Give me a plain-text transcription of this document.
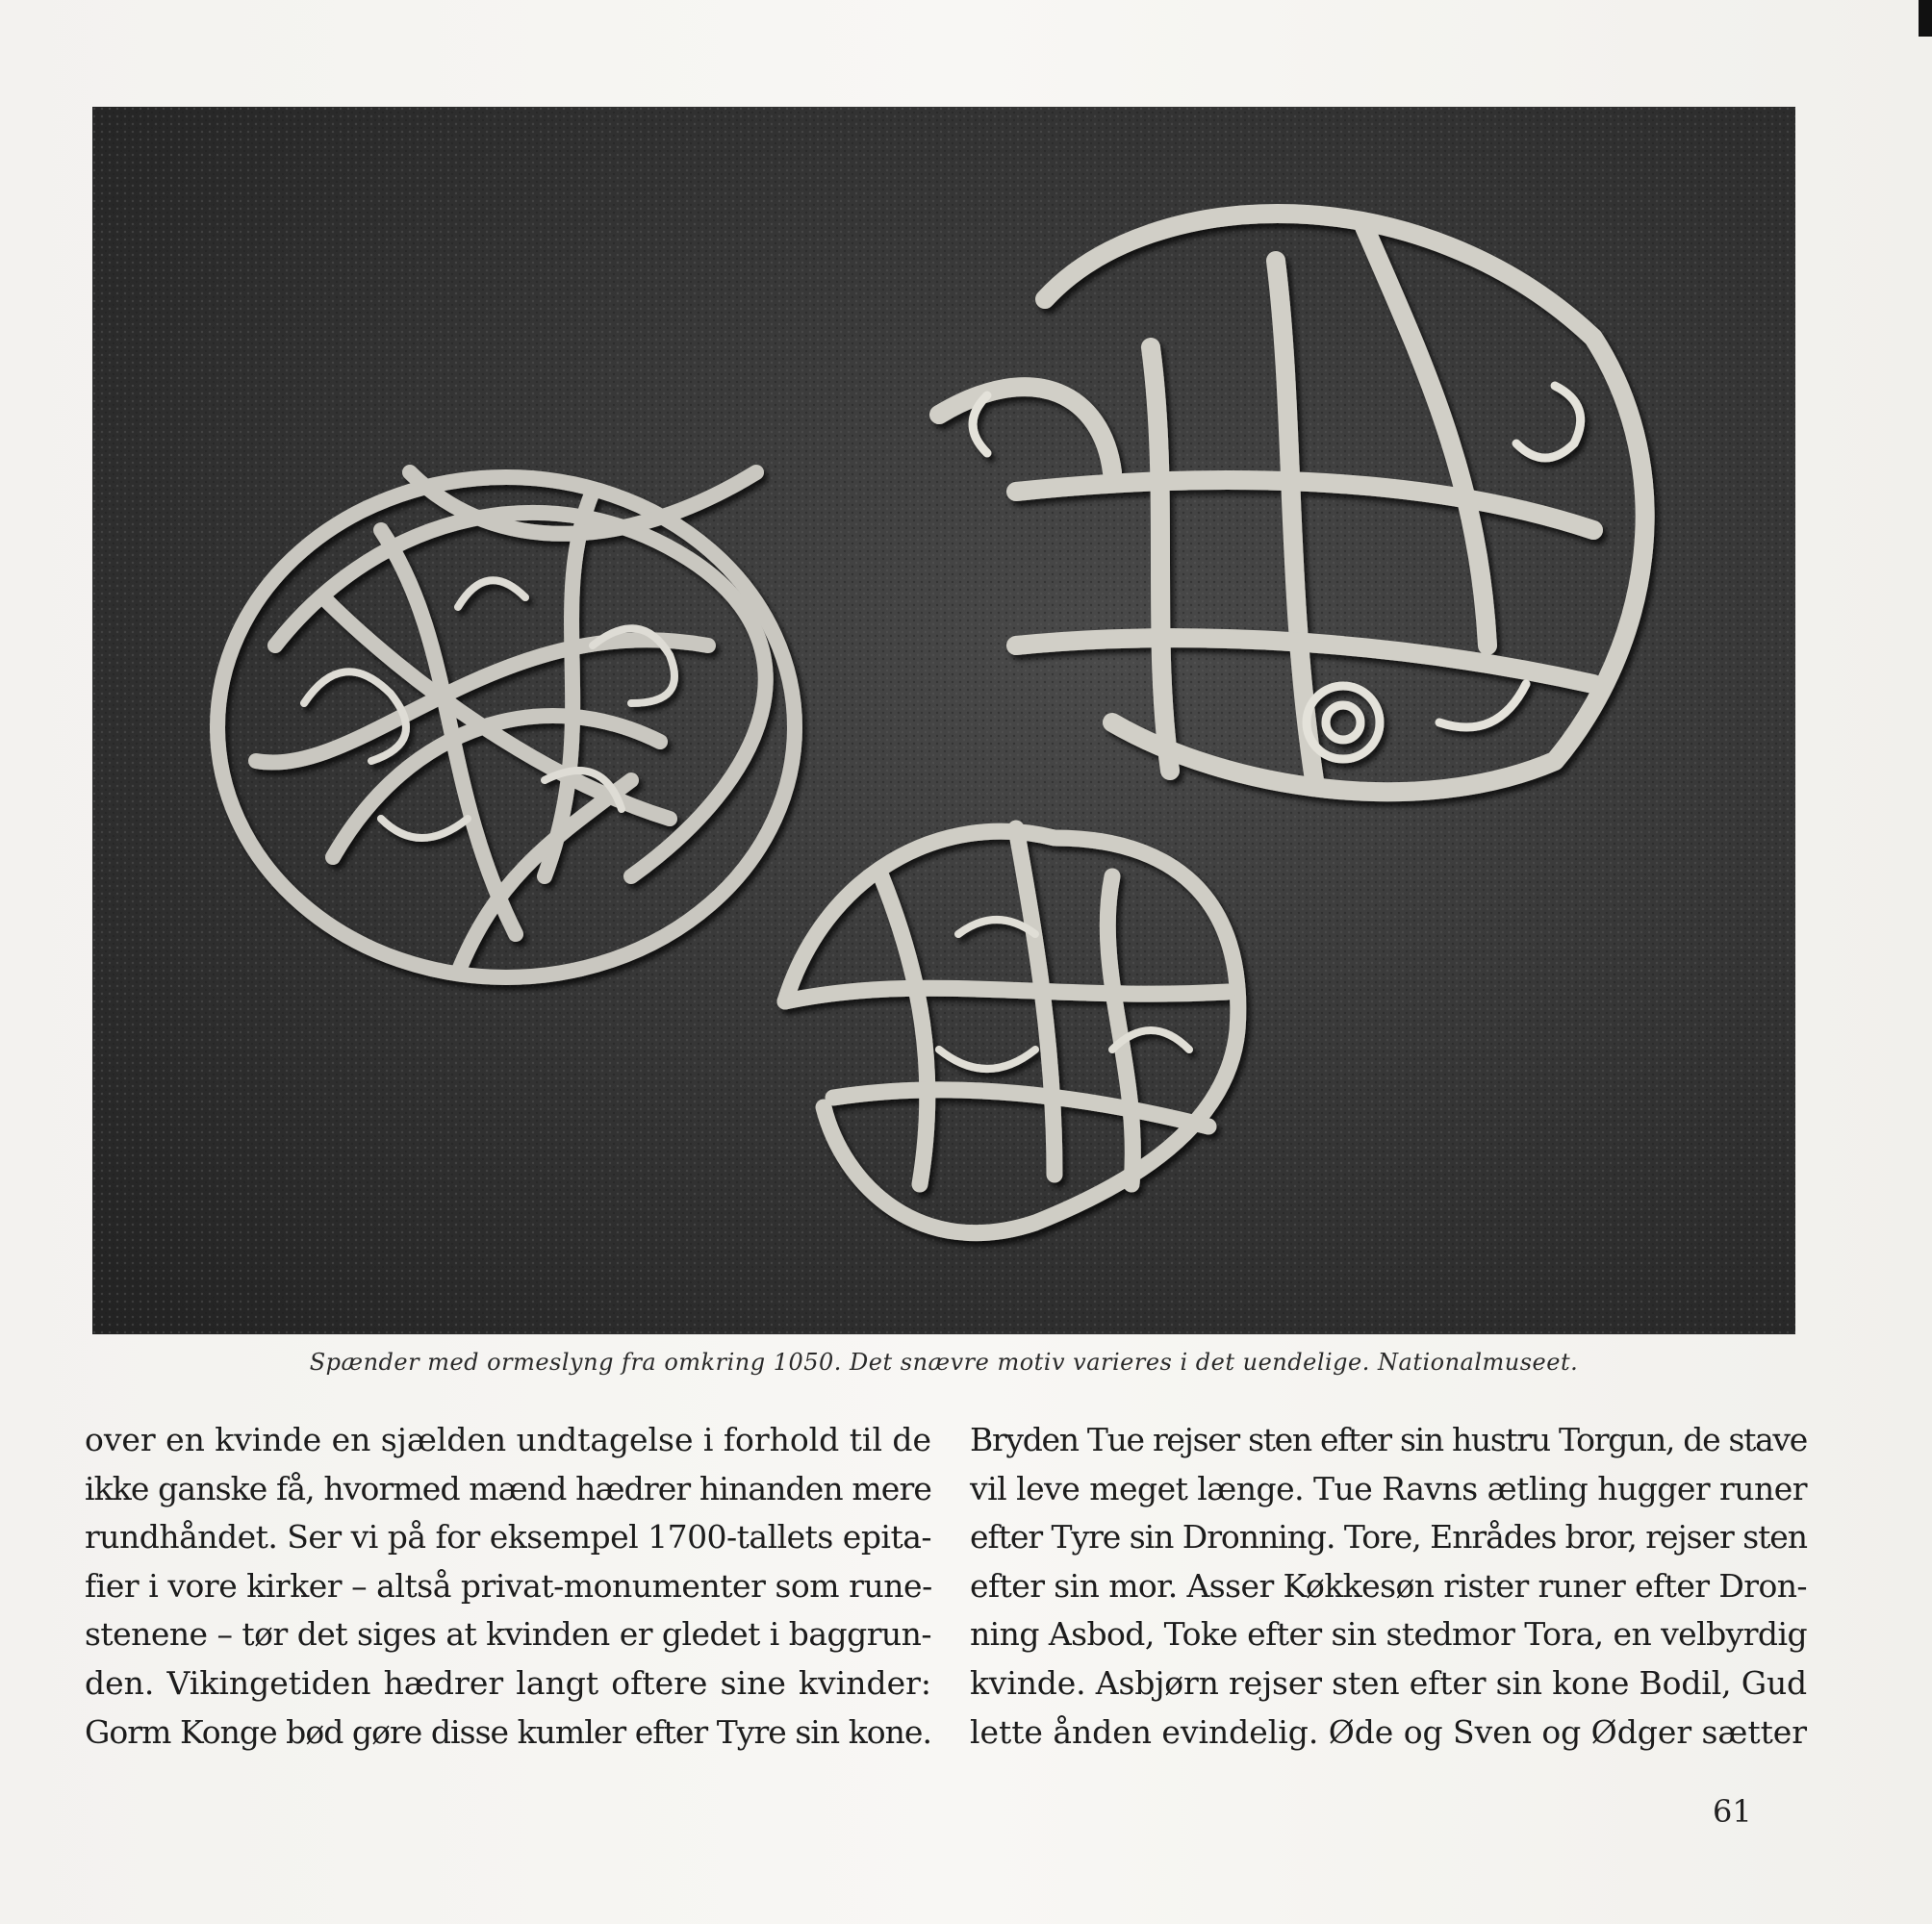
Spænder med ormeslyng fra omkring 1050. Det snævre motiv varieres i det uendelige. Nationalmuseet.
over en kvinde en sjælden undtagelse i forhold til de
ikke ganske få, hvormed mænd hædrer hinanden mere
rundhåndet. Ser vi på for eksempel 1700-tallets epita-
fier i vore kirker – altså privat-monumenter som rune-
stenene – tør det siges at kvinden er gledet i baggrun-
den. Vikingetiden hædrer langt oftere sine kvinder:
Gorm Konge bød gøre disse kumler efter Tyre sin kone.
Bryden Tue rejser sten efter sin hustru Torgun, de stave
vil leve meget længe. Tue Ravns ætling hugger runer
efter Tyre sin Dronning. Tore, Enrådes bror, rejser sten
efter sin mor. Asser Køkkesøn rister runer efter Dron-
ning Asbod, Toke efter sin stedmor Tora, en velbyrdig
kvinde. Asbjørn rejser sten efter sin kone Bodil, Gud
lette ånden evindelig. Øde og Sven og Ødger sætter
61
